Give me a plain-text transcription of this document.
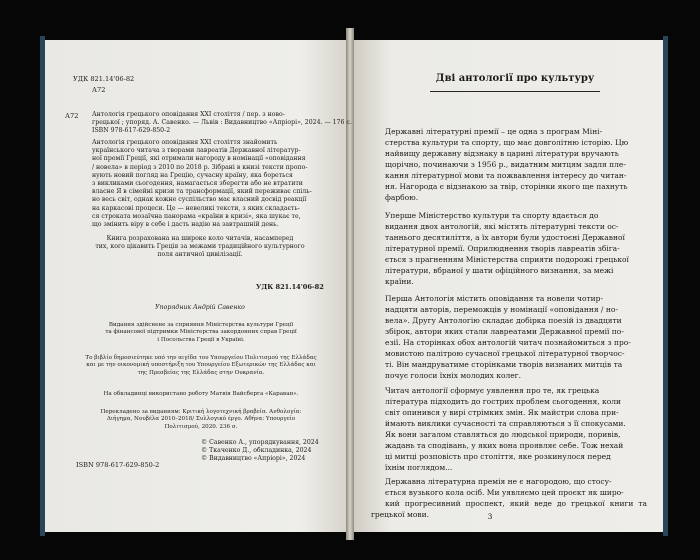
УДК 821.14'06-82
А72
А72 Антологія грецького оповідання XXI століття / пер. з ново-
грецької ; упоряд. А. Савенко. — Львів : Видавництво «Апріорі», 2024. — 176 с.
ISBN 978-617-629-850-2
Антологія грецького оповідання XXI століття знайомить
українського читача з творами лавреатів Державної літератур-
ної премії Греції, які отримали нагороду в номінації «оповідання
/ новела» в період з 2010 по 2018 р. Зібрані в книзі тексти пропо-
нують новий погляд на Грецію, сучасну країну, яка бореться
з викликами сьогодення, намагається зберегти або не втратити
власне Я в сімейні кризи та трансформації, який переживає спіль-
но весь світ, однак кожне суспільство має власний досвід реакції
на каркасові процеси. Це — невеликі тексти, з яких складаєть-
ся строката мозаїчна панорама «країни в кризі», яка шукає те,
що змінить віру в себе і дасть надію на завтрашній день.
Книга розрахована на широке коло читачів, насамперед
тих, кого цікавить Греція за межами традиційного культурного
поля античної цивілізації.
УДК 821.14'06-82
Упорядник Андрій Савенко
Видання здійснене за сприяння Міністерства культури Греції
та фінансової підтримки Міністерства закордонних справ Греції
і Посольства Греції в Україні.
Το βιβλίο δημοσιεύτηκε υπό την αιγίδα του Υπουργείου Πολιτισμού της Ελλάδας
και με την οικονομική υποστήριξη του Υπουργείου Εξωτερικών της Ελλάδας και
της Πρεσβείας της Ελλάδας στην Ουκρανία.
На обкладинці використано роботу Матвія Вайсберга «Караван».
Перекладено за виданням: Κριτική λογοτεχνική βραβεία. Ανθολογία:
Διήγημα, Νουβέλα 2010–2018/ Συλλογικό έργο. Αθήνα: Υπουργείο
Πολιτισμού, 2020. 236 σ.
ISBN 978-617-629-850-2
© Савенко А., упорядкування, 2024
© Ткаченко Д., обкладинка, 2024
© Видавництво «Апріорі», 2024
Дві антології про культуру

Державні літературні премії – це одна з програм Міні-
стерства культури та спорту, що має довголітню історію. Цю
найвищу державну відзнаку в царині літератури вручають
щорічно, починаючи з 1956 р., видатним митцям задля пле-
кання літературної мови та пожвавлення інтересу до читан-
ня. Нагорода є відзнакою за твір, сторінки якого ще пахнуть
фарбою.

Уперше Міністерство культури та спорту вдається до
видання двох антологій, які містять літературні тексти ос-
таннього десятиліття, а їх автори були удостоєні Державної
літературної премії. Оприлюднення творів лавреатів збіга-
ється з прагненням Міністерства сприяти подорожі грецької
літератури, вбраної у шати офіційного визнання, за межі
країни.

Перша Антологія містить оповідання та новели чотир-
надцяти авторів, переможців у номінації «оповідання / но-
вела». Другу Антологію складає добірка поезій із двадцяти
збірок, автори яких стали лавреатами Державної премії по-
езії. На сторінках обох антологій читач познайомиться з про-
мовистою палітрою сучасної грецької літературної творчос-
ті. Він мандруватиме сторінками творів визнаних митців та
почує голоси їхніх молодих колег.

Читач антології сформує уявлення про те, як грецька
література підходить до гострих проблем сьогодення, коли
світ опинився у вирі стрімких змін. Як майстри слова при-
ймають виклики сучасності та справляються з її спокусами.
Як вони загалом ставляться до людської природи, поривів,
жадань та сподівань, у яких вона проявляє себе. Тож нехай
ці митці розповість про століття, яке розкинулося перед
їхнім поглядом...

Державна літературна премія не є нагородою, що стосу-
ється вузького кола осіб. Ми уявляємо цей проєкт як широ-
кий прогресивний проспект, який веде до грецької книги та грецької мови.	3
